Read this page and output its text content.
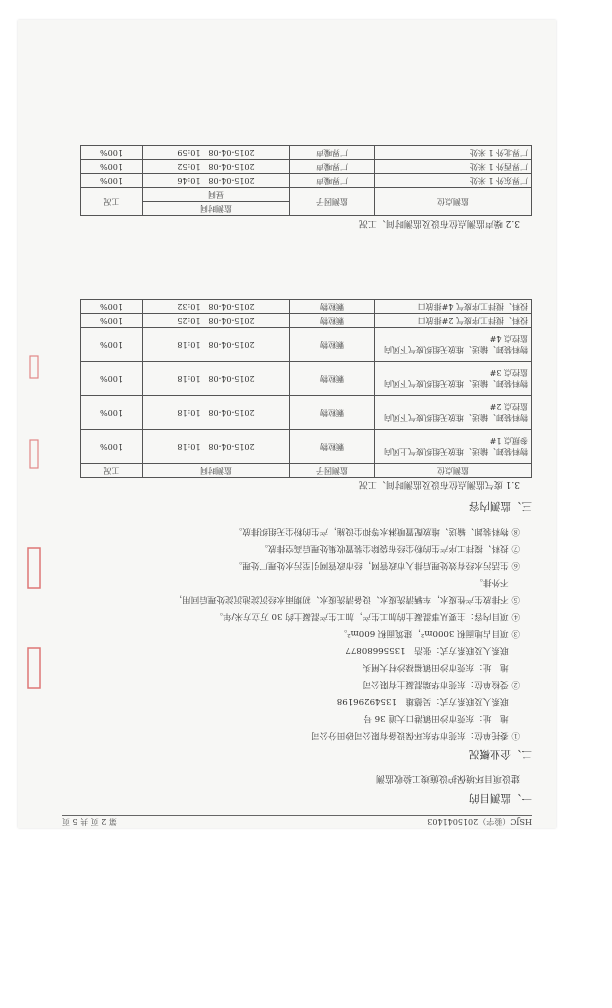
HSJC（验字）2015041403
第 2 页 共 5 页
一、监测目的
建设项目环境保护设施竣工验收监测
二、企业概况
① 委托单位：东莞市华东环保设备有限公司砂田分公司
　 地　址：东莞市沙田镇港口大道 36 号
　 联系人及联系方式：吴德雄　13549296198
② 受检单位：东莞市华瑞混凝土有限公司
　 地　址：东莞市沙田镇福禄沙村大闸头
　 联系人及联系方式：张浩　13556680877
③ 项目占地面积 3000m²，建筑面积 600m²。
④ 项目内容：主要从事混凝土的加工生产，加工生产混凝土约 30 万立方米/年。
⑤ 不排放生产性废水，车辆清洗废水、设备清洗废水、初期雨水经沉淀池沉淀处理后回用，
　 不外排。
⑥ 生活污水经有效处理后排入市政管网，经市政管网引至污水处理厂处理。
⑦ 投料、搅拌工序产生的粉尘经布袋除尘装置收集处理后高空排放。
⑧ 物料装卸、输送、堆放配置喷淋水等抑尘设施，产生的粉尘无组织排放。
三、监测内容
3.1 废气监测点位布设及监测时间、工况
监测点位	监测因子	监测时间	工况
物料装卸、输送、堆放无组织废气上风向参照点 1#	颗粒物	2015-04-08　10:18	100%
物料装卸、输送、堆放无组织废气下风向监控点 2#	颗粒物	2015-04-08　10:18	100%
物料装卸、输送、堆放无组织废气下风向监控点 3#	颗粒物	2015-04-08　10:18	100%
物料装卸、输送、堆放无组织废气下风向监控点 4#	颗粒物	2015-04-08　10:18	100%
投料、搅拌工序废气 2#排放口	颗粒物	2015-04-08　10:25	100%
投料、搅拌工序废气 4#排放口	颗粒物	2015-04-08　10:32	100%
3.2 噪声监测点位布设及监测时间、工况
监测点位	监测因子	监测时间	工况
		昼间	
厂界东外 1 米处	厂界噪声	2015-04-08　10:46	100%
厂界西外 1 米处	厂界噪声	2015-04-08　10:52	100%
厂界北外 1 米处	厂界噪声	2015-04-08　10:59	100%
